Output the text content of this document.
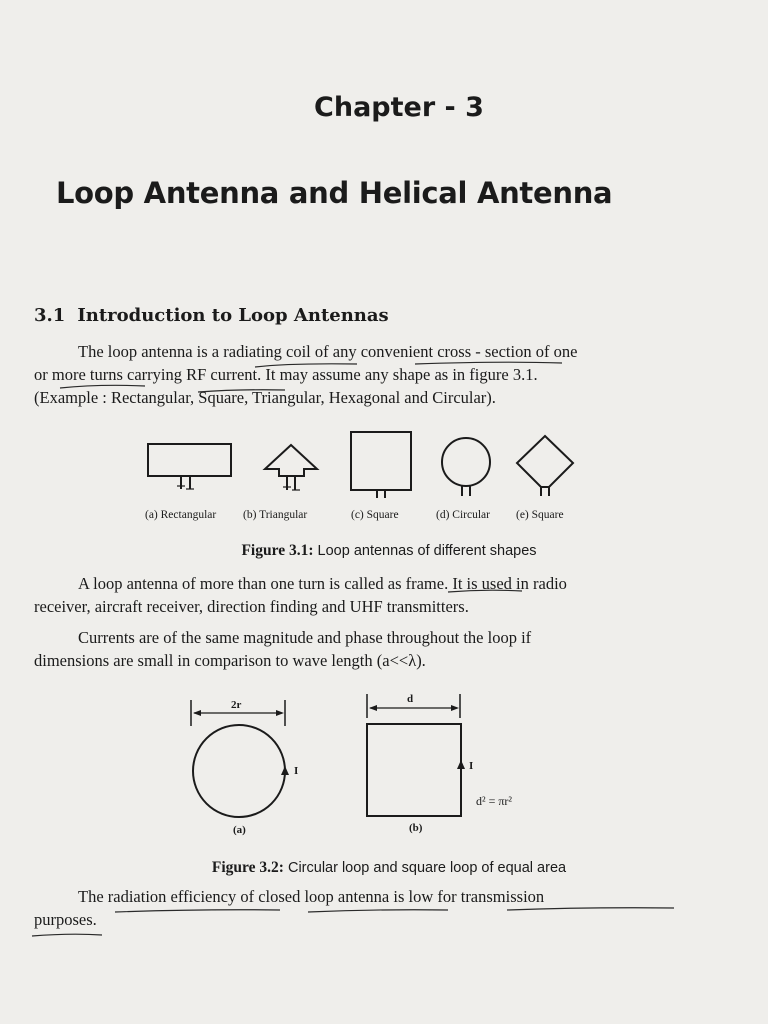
Chapter - 3
Loop Antenna and Helical Antenna
3.1 Introduction to Loop Antennas
The loop antenna is a radiating coil of any convenient cross - section of one
or more turns carrying RF current. It may assume any shape as in figure 3.1.
(Example : Rectangular, Square, Triangular, Hexagonal and Circular).
2r	d
I	I
d² = πr²
(a)	(b)
(a) Rectangular (b) Triangular	(c) Square	(d) Circular (e) Square
Figure 3.1: Loop antennas of different shapes
A loop antenna of more than one turn is called as frame. It is used in radio
receiver, aircraft receiver, direction finding and UHF transmitters.
Currents are of the same magnitude and phase throughout the loop if
dimensions are small in comparison to wave length (a<<λ).
Figure 3.2: Circular loop and square loop of equal area
The radiation efficiency of closed loop antenna is low for transmission
purposes.
